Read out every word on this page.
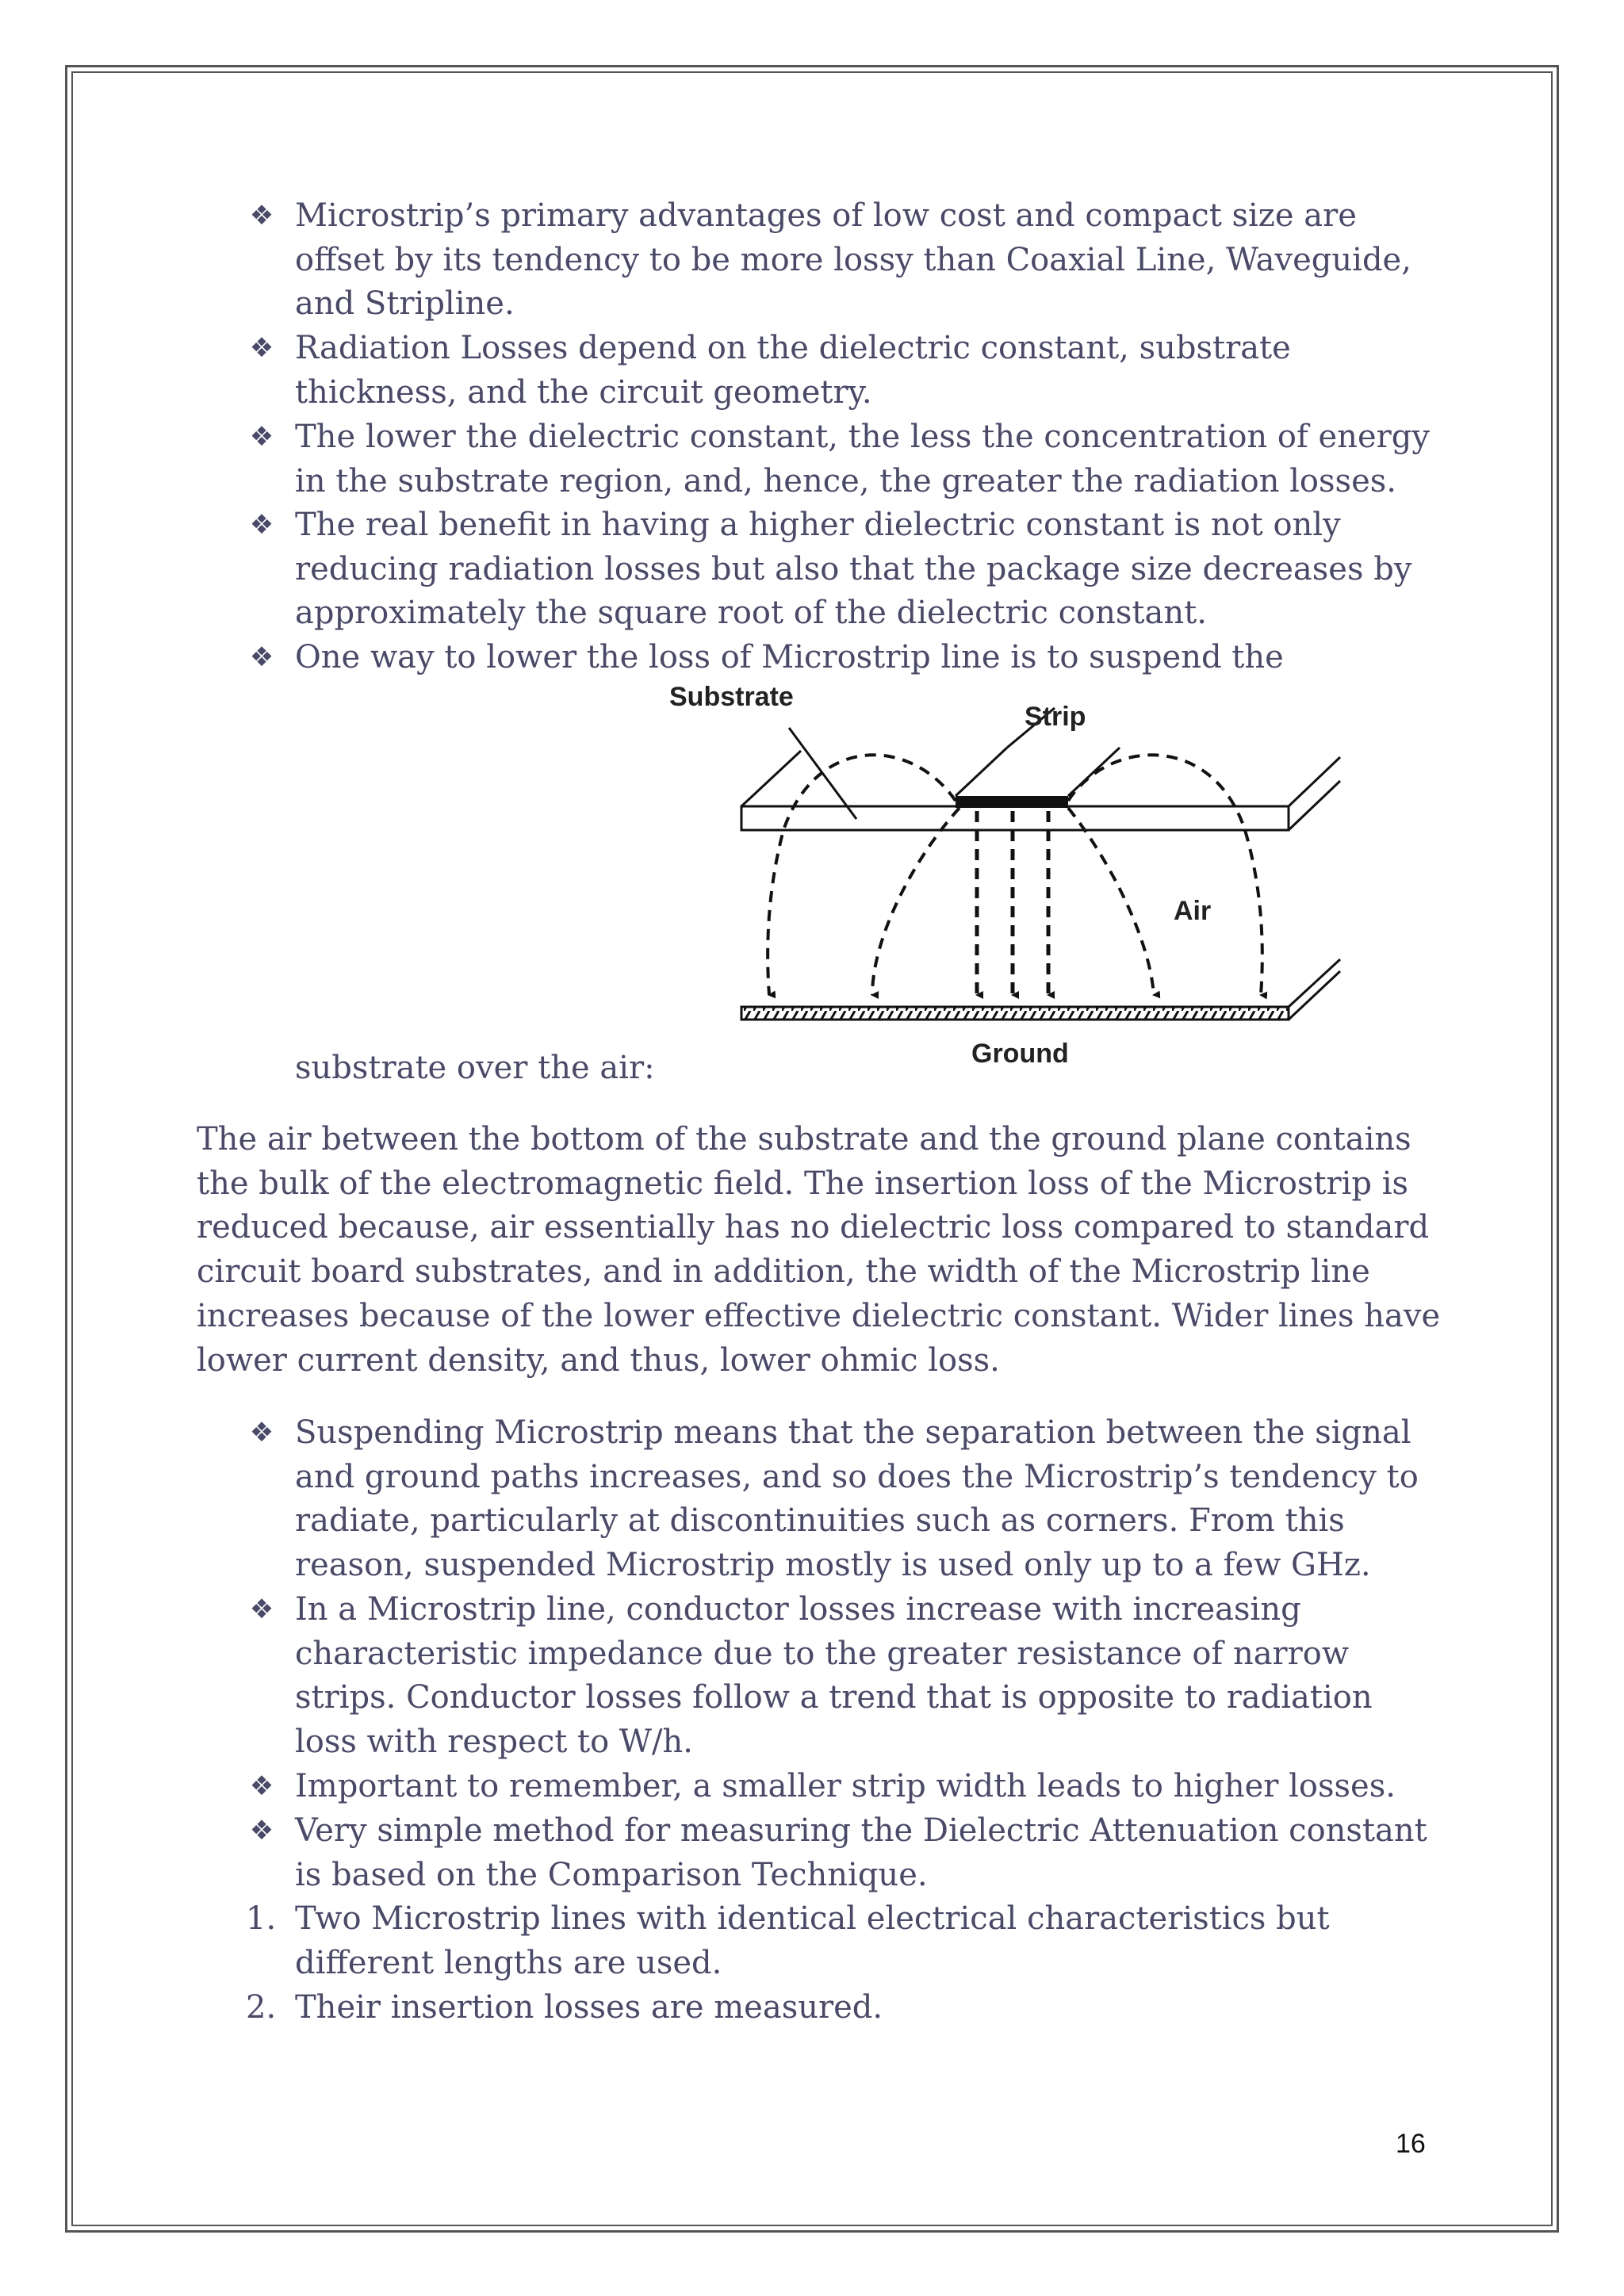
❖ Microstrip’s primary advantages of low cost and compact size are
offset by its tendency to be more lossy than Coaxial Line, Waveguide,
and Stripline.
❖ Radiation Losses depend on the dielectric constant, substrate
thickness, and the circuit geometry.
❖ The lower the dielectric constant, the less the concentration of energy
in the substrate region, and, hence, the greater the radiation losses.
❖ The real benefit in having a higher dielectric constant is not only
reducing radiation losses but also that the package size decreases by
approximately the square root of the dielectric constant.
❖ One way to lower the loss of Microstrip line is to suspend the
substrate over the air:
Substrate
Strip
Air
Ground
The air between the bottom of the substrate and the ground plane contains
the bulk of the electromagnetic field. The insertion loss of the Microstrip is
reduced because, air essentially has no dielectric loss compared to standard
circuit board substrates, and in addition, the width of the Microstrip line
increases because of the lower effective dielectric constant. Wider lines have
lower current density, and thus, lower ohmic loss.
❖ Suspending Microstrip means that the separation between the signal
and ground paths increases, and so does the Microstrip’s tendency to
radiate, particularly at discontinuities such as corners. From this
reason, suspended Microstrip mostly is used only up to a few GHz.
❖ In a Microstrip line, conductor losses increase with increasing
characteristic impedance due to the greater resistance of narrow
strips. Conductor losses follow a trend that is opposite to radiation
loss with respect to W/h.
❖ Important to remember, a smaller strip width leads to higher losses.
❖ Very simple method for measuring the Dielectric Attenuation constant
is based on the Comparison Technique.
1. Two Microstrip lines with identical electrical characteristics but
different lengths are used.
2. Their insertion losses are measured.
16
